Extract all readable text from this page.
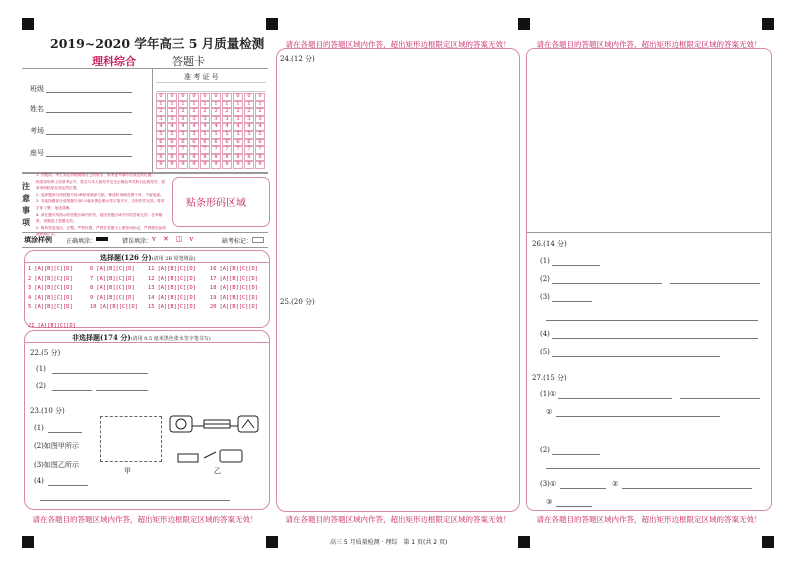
2019~2020 学年高三 5 月质量检测
理科综合	答题卡
班级
姓名
考场
座号
准 考 证 号
0	0	0	0	0	0	0	0	0	0
1	1	1	1	1	1	1	1	1	1
2	2	2	2	2	2	2	2	2	2
3	3	3	3	3	3	3	3	3	3
4	4	4	4	4	4	4	4	4	4
5	5	5	5	5	5	5	5	5	5
6	6	6	6	6	6	6	6	6	6
7	7	7	7	7	7	7	7	7	7
8	8	8	8	8	8	8	8	8	8
9	9	9	9	9	9	9	9	9	9
注
意
事
项
1. 答题前，考生务必清楚地将自己的姓名、准考证号填写在规定的位置。
核准条形码上的准考证号、姓名与本人相符并完全正确及考试科目也相符后，将条形码粘贴在规定的位置。
2. 选择题部分请按题号用2B铅笔填涂方框，修改时用橡皮擦干净，不留痕迹。
3. 非选择题部分请按题号用0.5毫米黑色墨水签字笔书写，否则作答无效。要求字体工整、笔迹清晰。
4. 请在题号所指示的答题区域内作答，超出答题区域书写的答案无效；在草稿纸、试题卷上答题无效。
5. 保持答卷清洁、完整。严禁折叠，严禁在答题卡上做任何标记，严禁使用涂改液和修正带。
贴条形码区域
填涂样例 正确填涂：	错误填涂： ⅴ　✕　◫　ⅴ	缺考标记：
选择题(126 分)(请用 2B 铅笔填涂)
1 [A][B][C][D]
2 [A][B][C][D]
3 [A][B][C][D]
4 [A][B][C][D]
5 [A][B][C][D]
6 [A][B][C][D]
7 [A][B][C][D]
8 [A][B][C][D]
9 [A][B][C][D]
10 [A][B][C][D]
11 [A][B][C][D]
12 [A][B][C][D]
13 [A][B][C][D]
14 [A][B][C][D]
15 [A][B][C][D]
16 [A][B][C][D]
17 [A][B][C][D]
18 [A][B][C][D]
19 [A][B][C][D]
20 [A][B][C][D]
21 [A][B][C][D]
非选择题(174 分)(请用 0.5 毫米黑色墨水签字笔书写)
22.(5 分)
(1)
(2)
23.(10 分)
(1)
(2)如图甲所示
(3)如图乙所示
(4)
甲	乙
请在各题目的答题区域内作答，超出矩形边框限定区域的答案无效！
请在各题目的答题区域内作答，超出矩形边框限定区域的答案无效！
24.(12 分)
25.(20 分)
请在各题目的答题区域内作答，超出矩形边框限定区域的答案无效！
请在各题目的答题区域内作答，超出矩形边框限定区域的答案无效！
26.(14 分)
(1)
(2)
(3)
(4)
(5)
27.(15 分)
(1)①
②
(2)
(3)①	②
③
请在各题目的答题区域内作答，超出矩形边框限定区域的答案无效！
高三 5 月质量检测 · 理综　第 1 页(共 2 页)
